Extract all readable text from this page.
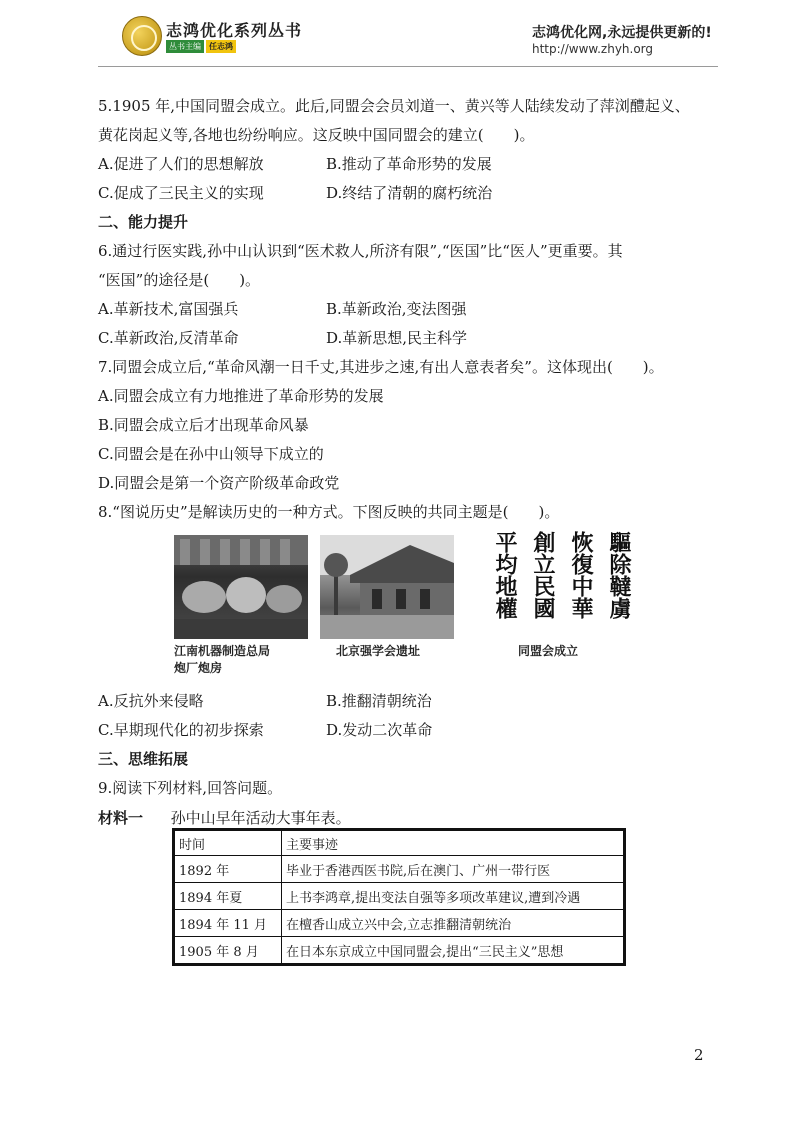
志鸿优化系列丛书
丛书主编	任志鸿
志鸿优化网,永远提供更新的!
http://www.zhyh.org
5.1905 年,中国同盟会成立。此后,同盟会会员刘道一、黄兴等人陆续发动了萍浏醴起义、
黄花岗起义等,各地也纷纷响应。这反映中国同盟会的建立(　　)。
A.促进了人们的思想解放	B.推动了革命形势的发展
C.促成了三民主义的实现	D.终结了清朝的腐朽统治
二、能力提升
6.通过行医实践,孙中山认识到“医术救人,所济有限”,“医国”比“医人”更重要。其
“医国”的途径是(　　)。
A.革新技术,富国强兵	B.革新政治,变法图强
C.革新政治,反清革命	D.革新思想,民主科学
7.同盟会成立后,“革命风潮一日千丈,其进步之速,有出人意表者矣”。这体现出(　　)。
A.同盟会成立有力地推进了革命形势的发展
B.同盟会成立后才出现革命风暴
C.同盟会是在孙中山领导下成立的
D.同盟会是第一个资产阶级革命政党
8.“图说历史”是解读历史的一种方式。下图反映的共同主题是(　　)。
驅除韃虜
恢復中華
創立民國
平均地權
江南机器制造总局
炮厂炮房
北京强学会遗址	同盟会成立
A.反抗外来侵略	B.推翻清朝统治
C.早期现代化的初步探索	D.发动二次革命
三、思维拓展
9.阅读下列材料,回答问题。
材料一 孙中山早年活动大事年表。
时间	主要事迹
1892 年	毕业于香港西医书院,后在澳门、广州一带行医
1894 年夏	上书李鸿章,提出变法自强等多项改革建议,遭到冷遇
1894 年 11 月	在檀香山成立兴中会,立志推翻清朝统治
1905 年 8 月	在日本东京成立中国同盟会,提出“三民主义”思想
2
